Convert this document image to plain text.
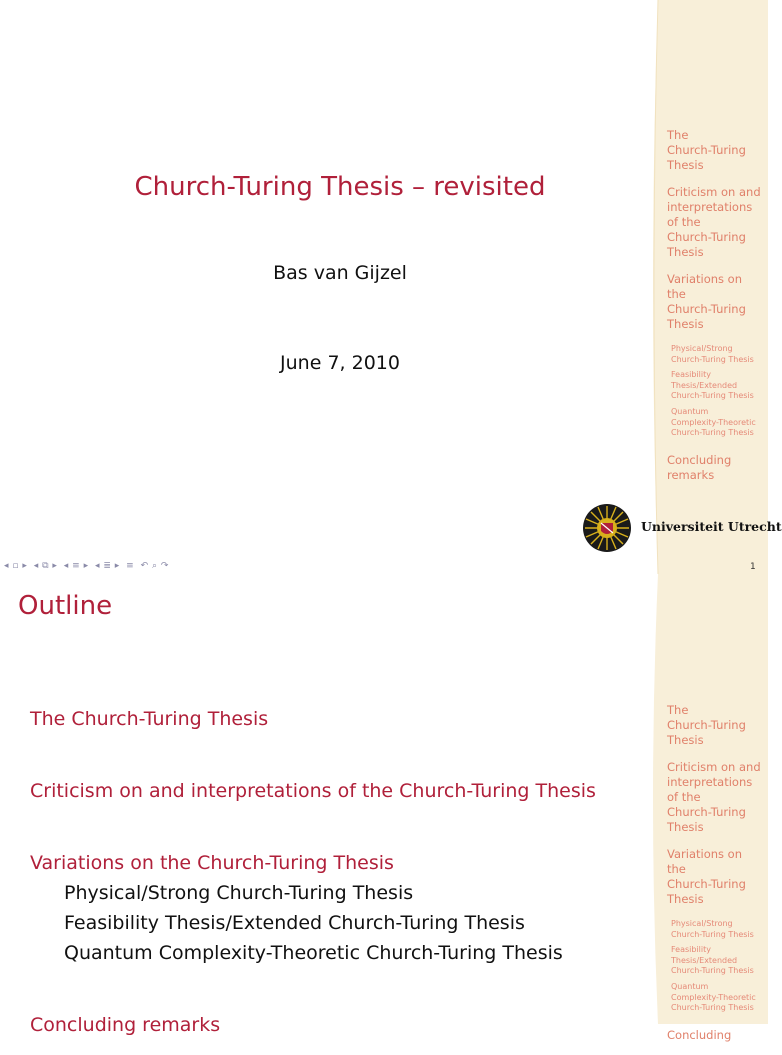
The
Church-Turing
Thesis
Criticism on and
interpretations
of the
Church-Turing
Thesis
Variations on
the
Church-Turing
Thesis
Physical/Strong
Church-Turing Thesis
Feasibility
Thesis/Extended
Church-Turing Thesis
Quantum
Complexity-Theoretic
Church-Turing Thesis
Concluding
remarks
Church-Turing Thesis – revisited
Bas van Gijzel
June 7, 2010
Universiteit Utrecht
◂ ▫ ▸ ◂ ⧉ ▸ ◂ ≡ ▸ ◂ ≣ ▸ ≡ ↶ ⌕ ↷	1
The
Church-Turing
Thesis
Criticism on and
interpretations
of the
Church-Turing
Thesis
Variations on
the
Church-Turing
Thesis
Physical/Strong
Church-Turing Thesis
Feasibility
Thesis/Extended
Church-Turing Thesis
Quantum
Complexity-Theoretic
Church-Turing Thesis
Concluding
Outline
The Church-Turing Thesis
Criticism on and interpretations of the Church-Turing Thesis
Variations on the Church-Turing Thesis
Physical/Strong Church-Turing Thesis
Feasibility Thesis/Extended Church-Turing Thesis
Quantum Complexity-Theoretic Church-Turing Thesis
Concluding remarks
